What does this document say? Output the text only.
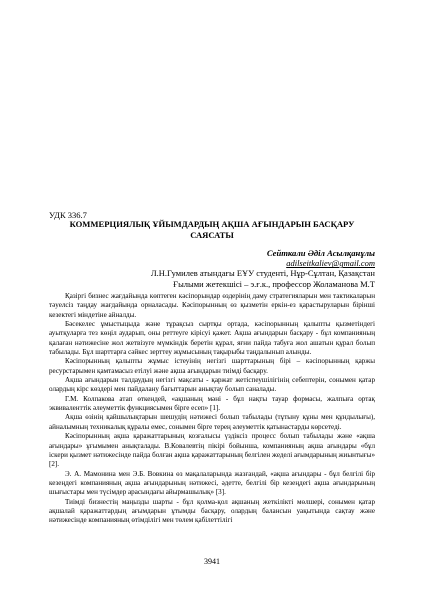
УДК 336.7
КОММЕРЦИЯЛЫҚ ҰЙЫМДАРДЫҢ АҚША АҒЫНДАРЫН БАСҚАРУ САЯСАТЫ
Сейткали Әділ Асылқанұлы
adilseitkaliev@gmail.com
Л.Н.Гумилев атындағы ЕҰУ студенті, Нұр-Сұлтан, Қазақстан
Ғылыми жетекшісі – э.ғ.к., профессор Жоламанова М.Т

Қазіргі бизнес жағдайында көптеген кәсіпорындар өздерінің даму стратегияларын мен тактикаларын тәуелсіз таңдау жағдайында орналасады. Кәсіпорынның өз қызметін еркін-ез қарастыруларын бірінші кезектегі міндетіне айналды.

Бәсекелес ұмыстыцыда және тұрақсыз сыртқы ортада, кәсіпорынның қалыпты қызметіндегі ауытқуларға тез көңіл аударып, оны реттеуге кірісуі қажет. Ақша ағындарын басқару - бұл компанияның қалаған нәтижесіне жол жетвізуге мүмкіндік беретін құрал, яғни пайда табуға жол ашатын құрал болып табылады. Бұл шарттарға сәйкес зерттеу жұмысының тақырыбы таңдалынып алынды.

Кәсіпорынның қалыпты жұмыс істеуінің негізгі шарттарының бірі – кәсіпорынның қаржы ресурстарымен қамтамасыз етілуі және ақша ағындарын тиімді басқару.

Ақша ағындарын талдаудың негізгі мақсаты - қаржат жетіспеушілігінің себептерін, сонымен қатар олардың кірс көздері мен пайдалану бағыттарын анықтау болып саналады.

Г.М. Колпакова атап өткендей, «ақшаның мәні - бұл нақты тауар формасы, жалпыға ортақ эквиваленттік әлеуметтік функциясымен бірге есеп» [1].

Ақша өзінің қайшылықтарын шешудің нәтижесі болып табылады (тұтыну құны мен құндылығы), айналымның техникалық құралы емес, сонымен бірге терең әлеуметтік қатынастарды көрсетеді.

Кәсіпорынның ақша қаражаттарының козғалысы үздіксіз процесс болып табылады және «ақша ағындары» ұғымымен анықталады. В.Ковалевтің пікірі бойынша, компанияның ақша ағындары «бұл іскери қызмет нәтижесінде пайда болған ақша қаражаттарының белгілен жеделі ағымдарының жиынтығы» [2].

Э. А. Мамонина мен Э.Б. Вовкина өз мақалаларында жазғандай, «ақша ағындары - бұл белгілі бір кезеңдегі компанияның ақша ағындарының нәтижесі, әдетте, белгілі бір кезеңдегі ақша ағындарының шығыстары мен түсімдер арасындағы айырмашылық» [3].

Тиімді бизнестің маңызды шарты - бұл қолма-қол ақшаның жеткілікті мөлшері, сонымен қатар ақшалай қаражаттардың ағымдарын ұтымды басқару, олардың балансын уақытында сақтау және нәтижесінде компанияның өтімділігі мен төлем қабілеттілігі

3941
